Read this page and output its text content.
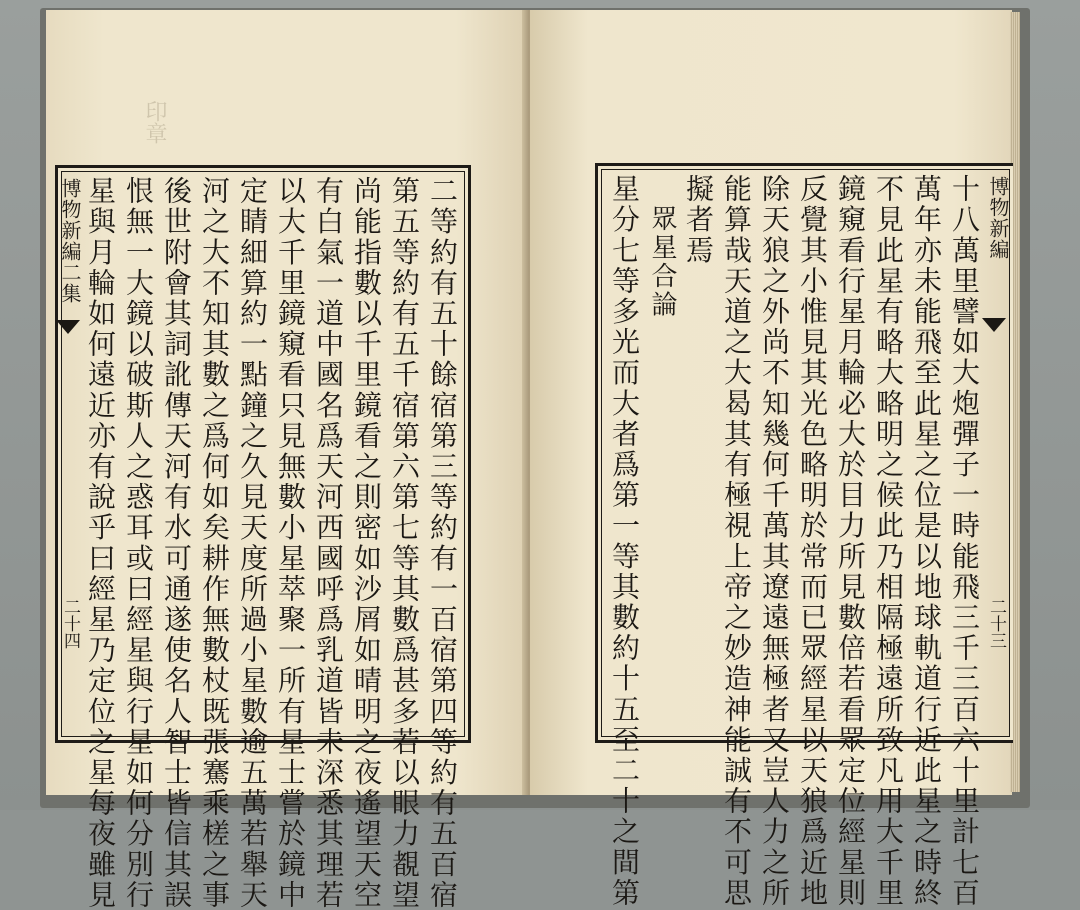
印章
博物新編二集
二十四	二等約有五十餘宿第三等約有一百宿第四等約有五百宿
第五等約有五千宿第六第七等其數爲甚多若以眼力覩望
尚能指數以千里鏡看之則密如沙屑如晴明之夜遙望天空
有白氣一道中國名爲天河西國呼爲乳道皆未深悉其理若
以大千里鏡窺看只見無數小星萃聚一所有星士嘗於鏡中
定睛細算約一點鐘之久見天度所過小星數逾五萬若舉天
河之大不知其數之爲何如矣耕作無數杖既張騫乘槎之事
後世附會其詞訛傳天河有水可通遂使名人智士皆信其誤
恨無一大鏡以破斯人之惑耳或曰經星與行星如何分別行
星與月輪如何遠近亦有說乎曰經星乃定位之星每夜雖見	博物新編
二十三
十八萬里譬如大炮彈子一時能飛三千三百六十里計七百
萬年亦未能飛至此星之位是以地球軌道行近此星之時終
不見此星有略大略明之候此乃相隔極遠所致凡用大千里
鏡窺看行星月輪必大於目力所見數倍若看眾定位經星則
反覺其小惟見其光色略明於常而已眾經星以天狼爲近地
除天狼之外尚不知幾何千萬其遼遠無極者又豈人力之所
能算哉天道之大曷其有極視上帝之妙造神能誠有不可思
擬者焉
眾星合論
星分七等多光而大者爲第一等其數約十五至二十之間第
